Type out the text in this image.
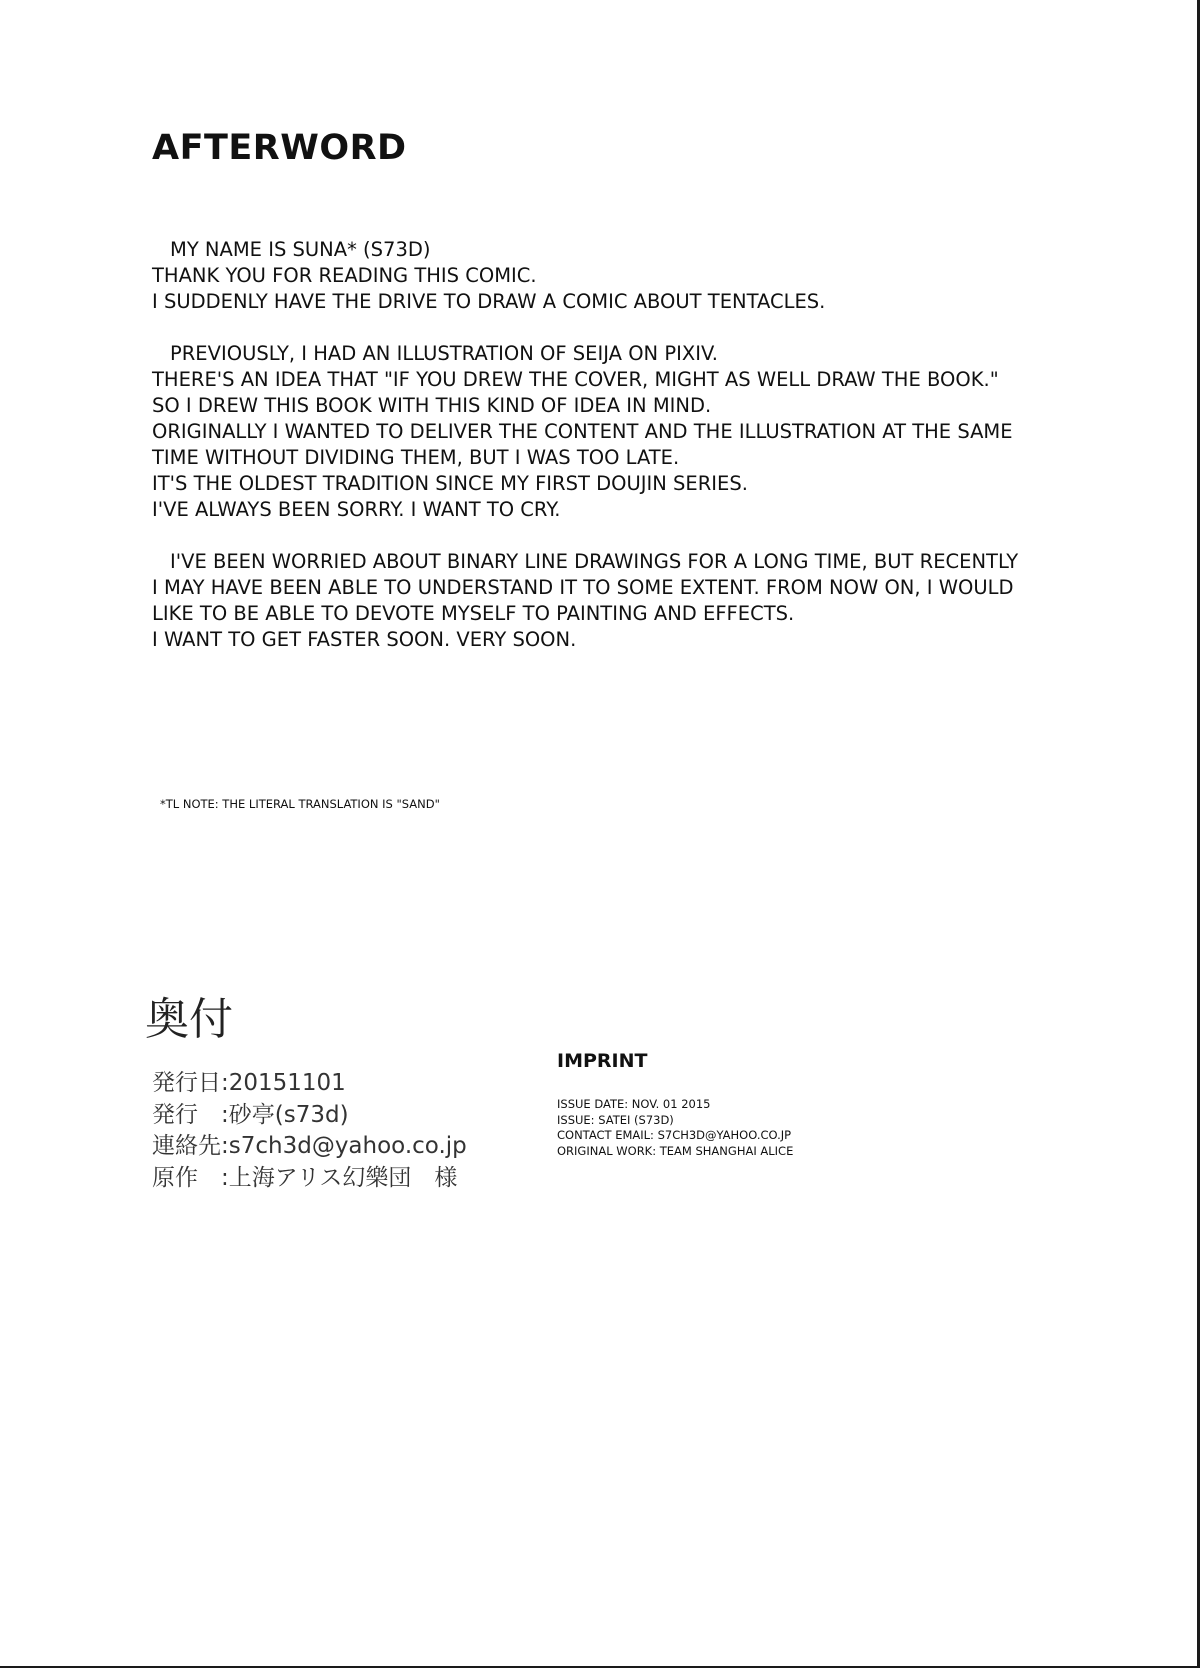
AFTERWORD
MY NAME IS SUNA* (S73D)
THANK YOU FOR READING THIS COMIC.
I SUDDENLY HAVE THE DRIVE TO DRAW A COMIC ABOUT TENTACLES.
PREVIOUSLY, I HAD AN ILLUSTRATION OF SEIJA ON PIXIV.
THERE'S AN IDEA THAT "IF YOU DREW THE COVER, MIGHT AS WELL DRAW THE BOOK."
SO I DREW THIS BOOK WITH THIS KIND OF IDEA IN MIND.
ORIGINALLY I WANTED TO DELIVER THE CONTENT AND THE ILLUSTRATION AT THE SAME
TIME WITHOUT DIVIDING THEM, BUT I WAS TOO LATE.
IT'S THE OLDEST TRADITION SINCE MY FIRST DOUJIN SERIES.
I'VE ALWAYS BEEN SORRY. I WANT TO CRY.
I'VE BEEN WORRIED ABOUT BINARY LINE DRAWINGS FOR A LONG TIME, BUT RECENTLY
I MAY HAVE BEEN ABLE TO UNDERSTAND IT TO SOME EXTENT. FROM NOW ON, I WOULD
LIKE TO BE ABLE TO DEVOTE MYSELF TO PAINTING AND EFFECTS.
I WANT TO GET FASTER SOON. VERY SOON.
*TL NOTE: THE LITERAL TRANSLATION IS "SAND"
奥付
発行日:20151101
発行　:砂亭(s73d)
連絡先:s7ch3d@yahoo.co.jp
原作　:上海アリス幻樂団　様
IMPRINT
ISSUE DATE: NOV. 01 2015
ISSUE: SATEI (S73D)
CONTACT EMAIL: S7CH3D@YAHOO.CO.JP
ORIGINAL WORK: TEAM SHANGHAI ALICE
